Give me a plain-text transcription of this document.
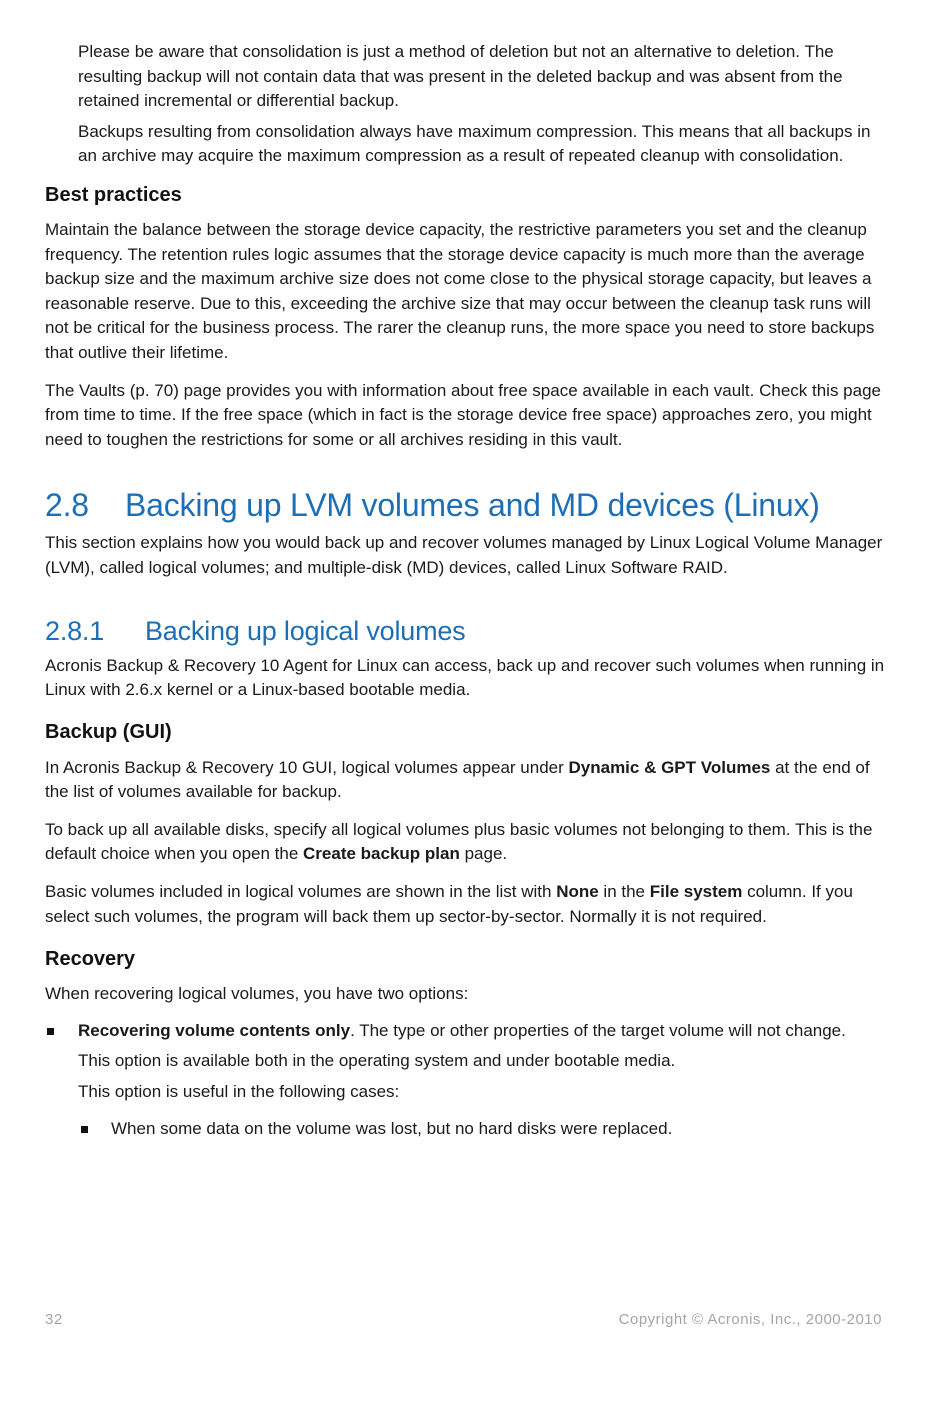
Please be aware that consolidation is just a method of deletion but not an alternative to deletion. The resulting backup will not contain data that was present in the deleted backup and was absent from the retained incremental or differential backup.

Backups resulting from consolidation always have maximum compression. This means that all backups in an archive may acquire the maximum compression as a result of repeated cleanup with consolidation.

Best practices

Maintain the balance between the storage device capacity, the restrictive parameters you set and the cleanup frequency. The retention rules logic assumes that the storage device capacity is much more than the average backup size and the maximum archive size does not come close to the physical storage capacity, but leaves a reasonable reserve. Due to this, exceeding the archive size that may occur between the cleanup task runs will not be critical for the business process. The rarer the cleanup runs, the more space you need to store backups that outlive their lifetime.

The Vaults (p. 70) page provides you with information about free space available in each vault. Check this page from time to time. If the free space (which in fact is the storage device free space) approaches zero, you might need to toughen the restrictions for some or all archives residing in this vault.

2.8 Backing up LVM volumes and MD devices (Linux)

This section explains how you would back up and recover volumes managed by Linux Logical Volume Manager (LVM), called logical volumes; and multiple-disk (MD) devices, called Linux Software RAID.

2.8.1 Backing up logical volumes

Acronis Backup & Recovery 10 Agent for Linux can access, back up and recover such volumes when running in Linux with 2.6.x kernel or a Linux-based bootable media.

Backup (GUI)

In Acronis Backup & Recovery 10 GUI, logical volumes appear under Dynamic & GPT Volumes at the end of the list of volumes available for backup.

To back up all available disks, specify all logical volumes plus basic volumes not belonging to them. This is the default choice when you open the Create backup plan page.

Basic volumes included in logical volumes are shown in the list with None in the File system column. If you select such volumes, the program will back them up sector-by-sector. Normally it is not required.

Recovery

When recovering logical volumes, you have two options:

Recovering volume contents only. The type or other properties of the target volume will not change.

This option is available both in the operating system and under bootable media.

This option is useful in the following cases:

When some data on the volume was lost, but no hard disks were replaced.

32	Copyright © Acronis, Inc., 2000-2010
